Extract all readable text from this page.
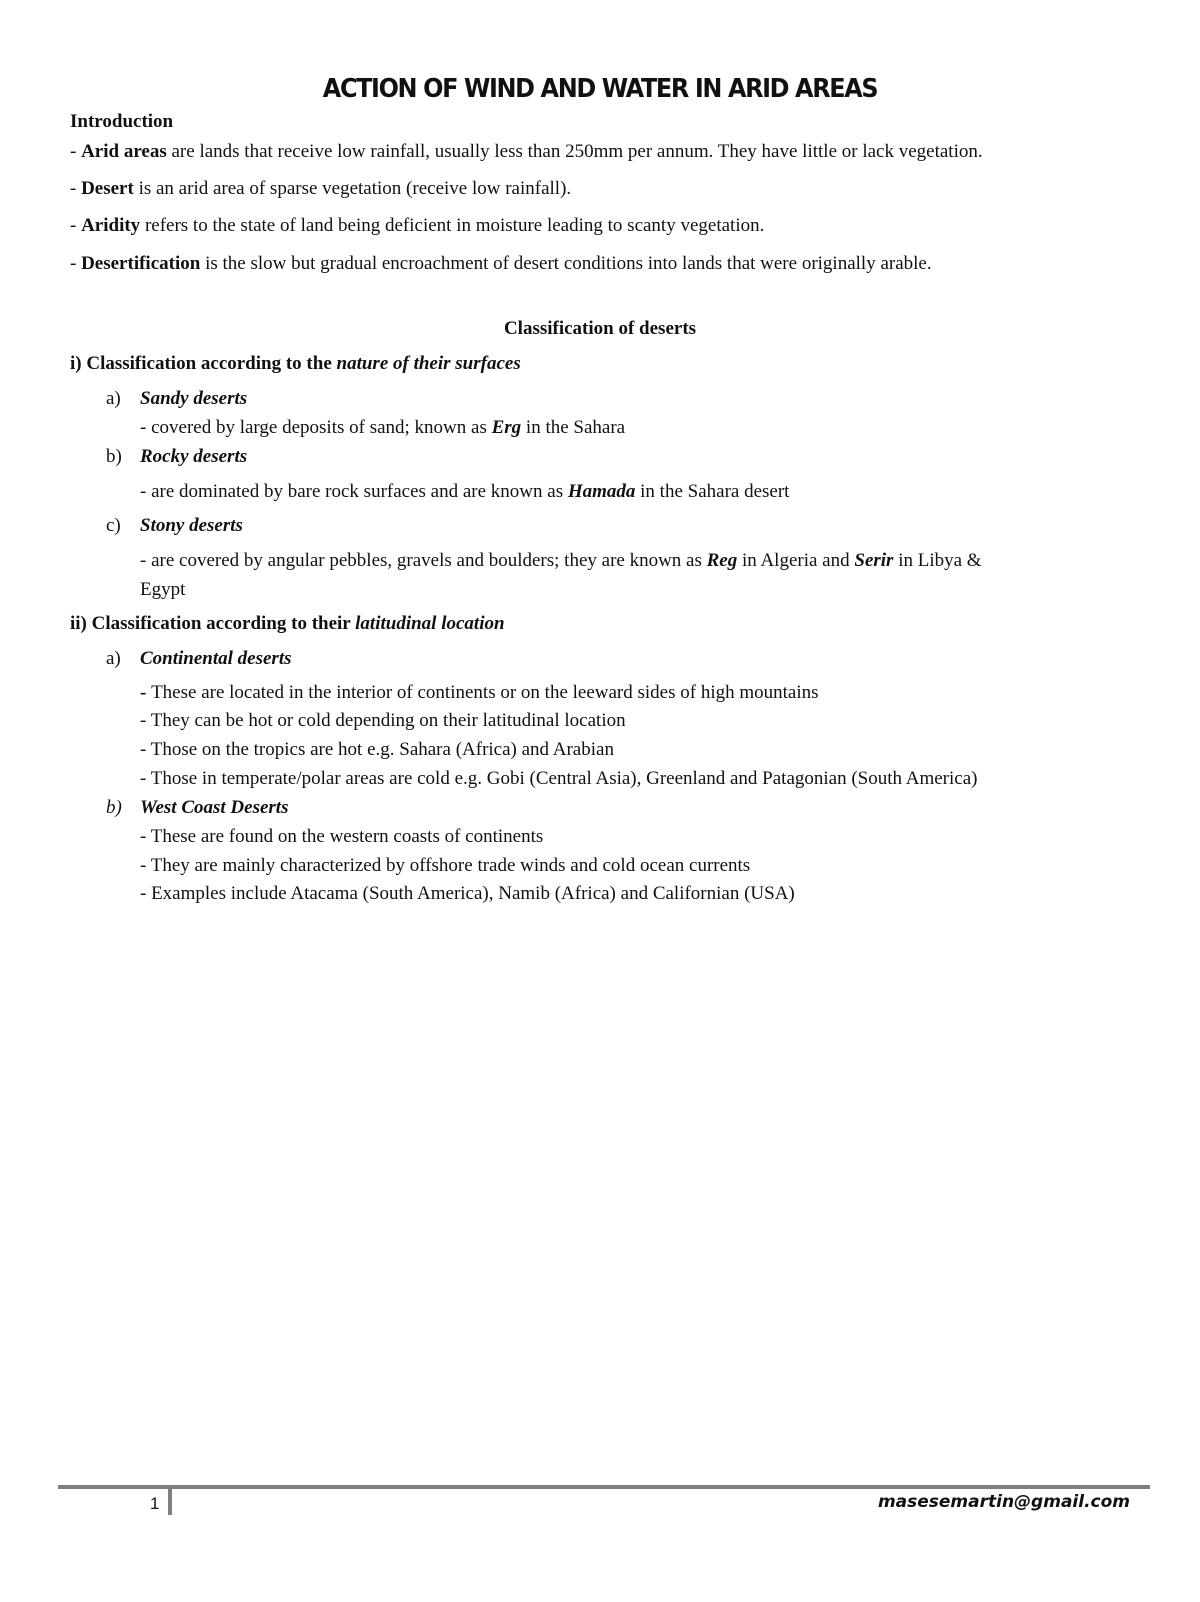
ACTION OF WIND AND WATER IN ARID AREAS
Introduction
- Arid areas are lands that receive low rainfall, usually less than 250mm per annum. They have little or lack vegetation.
- Desert is an arid area of sparse vegetation (receive low rainfall).
- Aridity refers to the state of land being deficient in moisture leading to scanty vegetation.
- Desertification is the slow but gradual encroachment of desert conditions into lands that were originally arable.
Classification of deserts
i) Classification according to the nature of their surfaces
a) Sandy deserts
- covered by large deposits of sand; known as Erg in the Sahara
b) Rocky deserts
- are dominated by bare rock surfaces and are known as Hamada in the Sahara desert
c) Stony deserts
- are covered by angular pebbles, gravels and boulders; they are known as Reg in Algeria and Serir in Libya &
Egypt
ii) Classification according to their latitudinal location
a) Continental deserts
- These are located in the interior of continents or on the leeward sides of high mountains
- They can be hot or cold depending on their latitudinal location
- Those on the tropics are hot e.g. Sahara (Africa) and Arabian
- Those in temperate/polar areas are cold e.g. Gobi (Central Asia), Greenland and Patagonian (South America)
b) West Coast Deserts
- These are found on the western coasts of continents
- They are mainly characterized by offshore trade winds and cold ocean currents
- Examples include Atacama (South America), Namib (Africa) and Californian (USA)
1	masesemartin@gmail.com
